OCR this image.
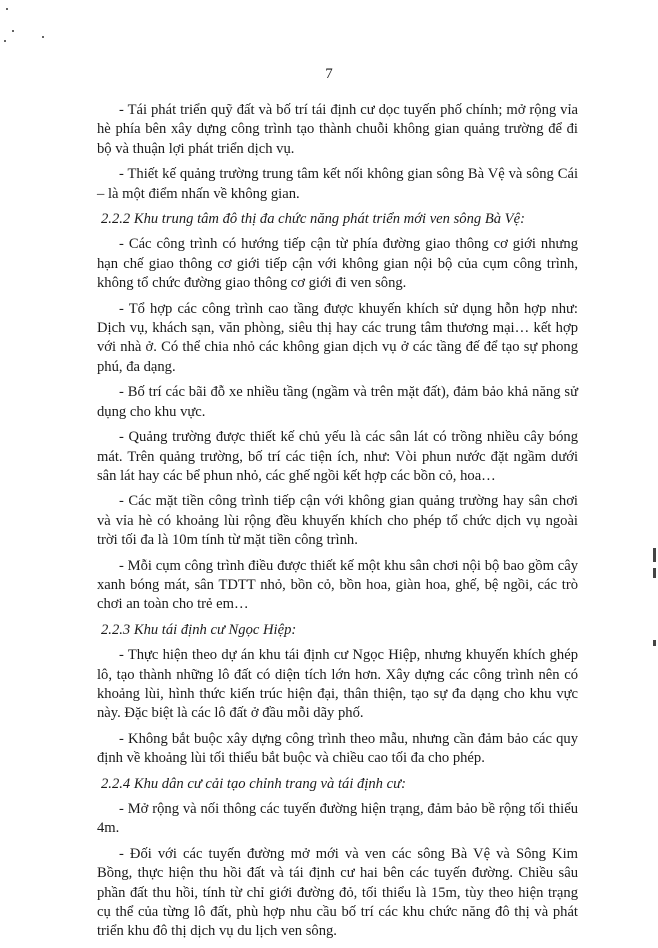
7

- Tái phát triển quỹ đất và bố trí tái định cư dọc tuyến phố chính; mở rộng vỉa hè phía bên xây dựng công trình tạo thành chuỗi không gian quảng trường để đi bộ và thuận lợi phát triển dịch vụ.

- Thiết kế quảng trường trung tâm kết nối không gian sông Bà Vệ và sông Cái – là một điểm nhấn về không gian.

2.2.2 Khu trung tâm đô thị đa chức năng phát triển mới ven sông Bà Vệ:

- Các công trình có hướng tiếp cận từ phía đường giao thông cơ giới nhưng hạn chế giao thông cơ giới tiếp cận với không gian nội bộ của cụm công trình, không tổ chức đường giao thông cơ giới đi ven sông.

- Tổ hợp các công trình cao tầng được khuyến khích sử dụng hỗn hợp như: Dịch vụ, khách sạn, văn phòng, siêu thị hay các trung tâm thương mại… kết hợp với nhà ở. Có thể chia nhỏ các không gian dịch vụ ở các tầng đế để tạo sự phong phú, đa dạng.

- Bố trí các bãi đỗ xe nhiều tầng (ngầm và trên mặt đất), đảm bảo khả năng sử dụng cho khu vực.

- Quảng trường được thiết kế chủ yếu là các sân lát có trồng nhiều cây bóng mát. Trên quảng trường, bố trí các tiện ích, như: Vòi phun nước đặt ngầm dưới sân lát hay các bể phun nhỏ, các ghế ngồi kết hợp các bồn cỏ, hoa…

- Các mặt tiền công trình tiếp cận với không gian quảng trường hay sân chơi và vỉa hè có khoảng lùi rộng đều khuyến khích cho phép tổ chức dịch vụ ngoài trời tối đa là 10m tính từ mặt tiền công trình.

- Mỗi cụm công trình điều được thiết kế một khu sân chơi nội bộ bao gồm cây xanh bóng mát, sân TDTT nhỏ, bồn cỏ, bồn hoa, giàn hoa, ghế, bệ ngồi, các trò chơi an toàn cho trẻ em…

2.2.3 Khu tái định cư Ngọc Hiệp:

- Thực hiện theo dự án khu tái định cư Ngọc Hiệp, nhưng khuyến khích ghép lô, tạo thành những lô đất có diện tích lớn hơn. Xây dựng các công trình nên có khoảng lùi, hình thức kiến trúc hiện đại, thân thiện, tạo sự đa dạng cho khu vực này. Đặc biệt là các lô đất ở đầu mỗi dãy phố.

- Không bắt buộc xây dựng công trình theo mẫu, nhưng cần đảm bảo các quy định về khoảng lùi tối thiểu bắt buộc và chiều cao tối đa cho phép.

2.2.4 Khu dân cư cải tạo chỉnh trang và tái định cư:

- Mở rộng và nối thông các tuyến đường hiện trạng, đảm bảo bề rộng tối thiểu 4m.

- Đối với các tuyến đường mở mới và ven các sông Bà Vệ và Sông Kim Bồng, thực hiện thu hồi đất và tái định cư hai bên các tuyến đường. Chiều sâu phần đất thu hồi, tính từ chỉ giới đường đỏ, tối thiểu là 15m, tùy theo hiện trạng cụ thể của từng lô đất, phù hợp nhu cầu bố trí các khu chức năng đô thị và phát triển khu đô thị dịch vụ du lịch ven sông.
